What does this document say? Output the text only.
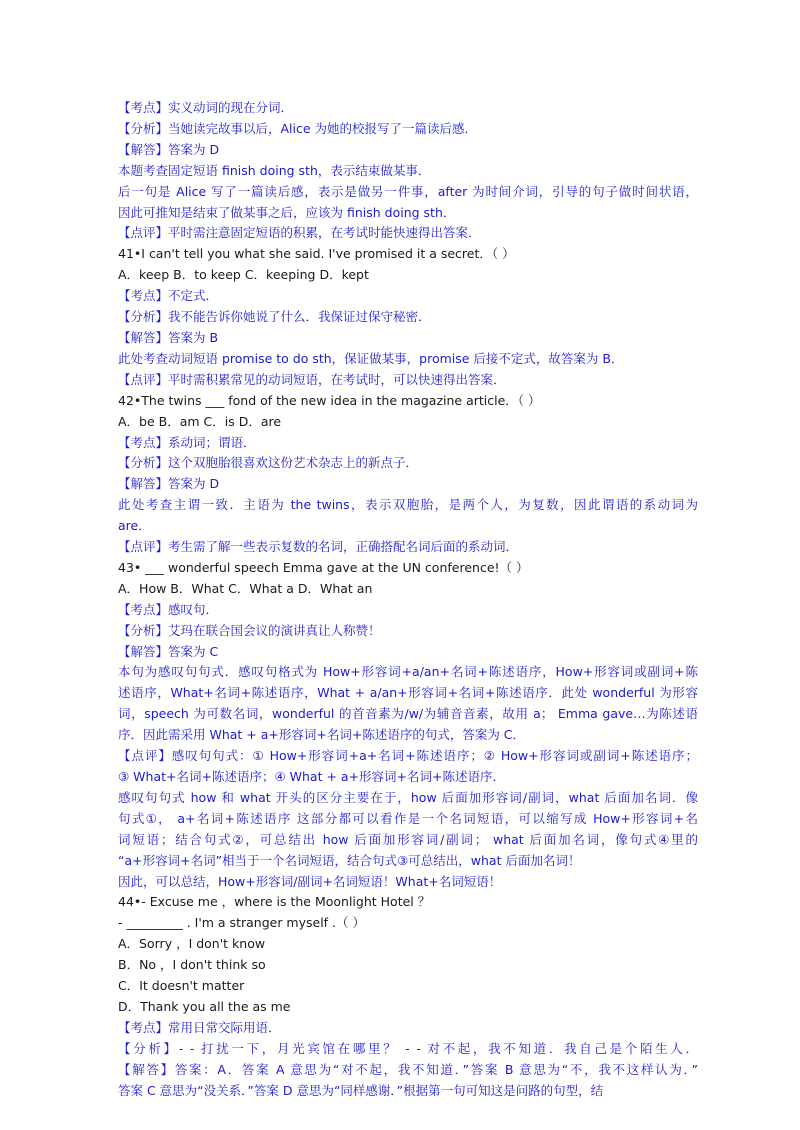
【考点】实义动词的现在分词．
【分析】当她读完故事以后，Alice 为她的校报写了一篇读后感．
【解答】答案为 D
本题考查固定短语 finish doing sth，表示结束做某事．
后一句是 Alice 写了一篇读后感，表示是做另一件事，after 为时间介词，引导的句子做时间状语，
因此可推知是结束了做某事之后，应该为 finish doing sth．
【点评】平时需注意固定短语的积累，在考试时能快速得出答案．
41•I can't tell you what she said. I've promised it a secret．（ ）
A．keep B．to keep C．keeping D．kept
【考点】不定式．
【分析】我不能告诉你她说了什么．我保证过保守秘密．
【解答】答案为 B
此处考查动词短语 promise to do sth，保证做某事，promise 后接不定式，故答案为 B．
【点评】平时需积累常见的动词短语，在考试时，可以快速得出答案．
42•The twins ___ fond of the new idea in the magazine article．（ ）
A．be B．am C．is D．are
【考点】系动词；谓语．
【分析】这个双胞胎很喜欢这份艺术杂志上的新点子．
【解答】答案为 D
此处考查主谓一致．主语为 the twins，表示双胞胎，是两个人，为复数，因此谓语的系动词为
are．
【点评】考生需了解一些表示复数的名词，正确搭配名词后面的系动词．
43• ___ wonderful speech Emma gave at the UN conference!（ ）
A．How B．What C．What a D．What an
【考点】感叹句．
【分析】艾玛在联合国会议的演讲真让人称赞！
【解答】答案为 C
本句为感叹句句式．感叹句格式为 How+形容词+a/an+名词+陈述语序，How+形容词或副词+陈
述语序，What+名词+陈述语序，What + a/an+形容词+名词+陈述语序．此处 wonderful 为形容
词，speech 为可数名词，wonderful 的首音素为/w/为辅音音素，故用 a； Emma gave…为陈述语
序．因此需采用 What + a+形容词+名词+陈述语序的句式，答案为 C．
【点评】感叹句句式：① How+形容词+a+名词+陈述语序；② How+形容词或副词+陈述语序；
③ What+名词+陈述语序；④ What + a+形容词+名词+陈述语序．
感叹句句式 how 和 what 开头的区分主要在于，how 后面加形容词/副词，what 后面加名词．像
句式①， a+名词+陈述语序 这部分都可以看作是一个名词短语，可以缩写成 How+形容词+名
词短语；结合句式②，可总结出 how 后面加形容词/副词； what 后面加名词，像句式④里的
“a+形容词+名词”相当于一个名词短语，结合句式③可总结出，what 后面加名词！
因此，可以总结，How+形容词/副词+名词短语！What+名词短语！
44•- Excuse me ，where is the Moonlight Hotel ？
- _________ . I'm a stranger myself .（ ）
A．Sorry ，I don't know
B．No ，I don't think so
C．It doesn't matter
D．Thank you all the as me
【考点】常用日常交际用语．
【分析】- - 打扰一下，月光宾馆在哪里？ - - 对不起，我不知道．我自己是个陌生人．
【解答】答案：A．答案 A 意思为“对不起，我不知道．”答案 B 意思为“不，我不这样认为．”
答案 C 意思为“没关系．”答案 D 意思为“同样感谢．”根据第一句可知这是问路的句型，结
